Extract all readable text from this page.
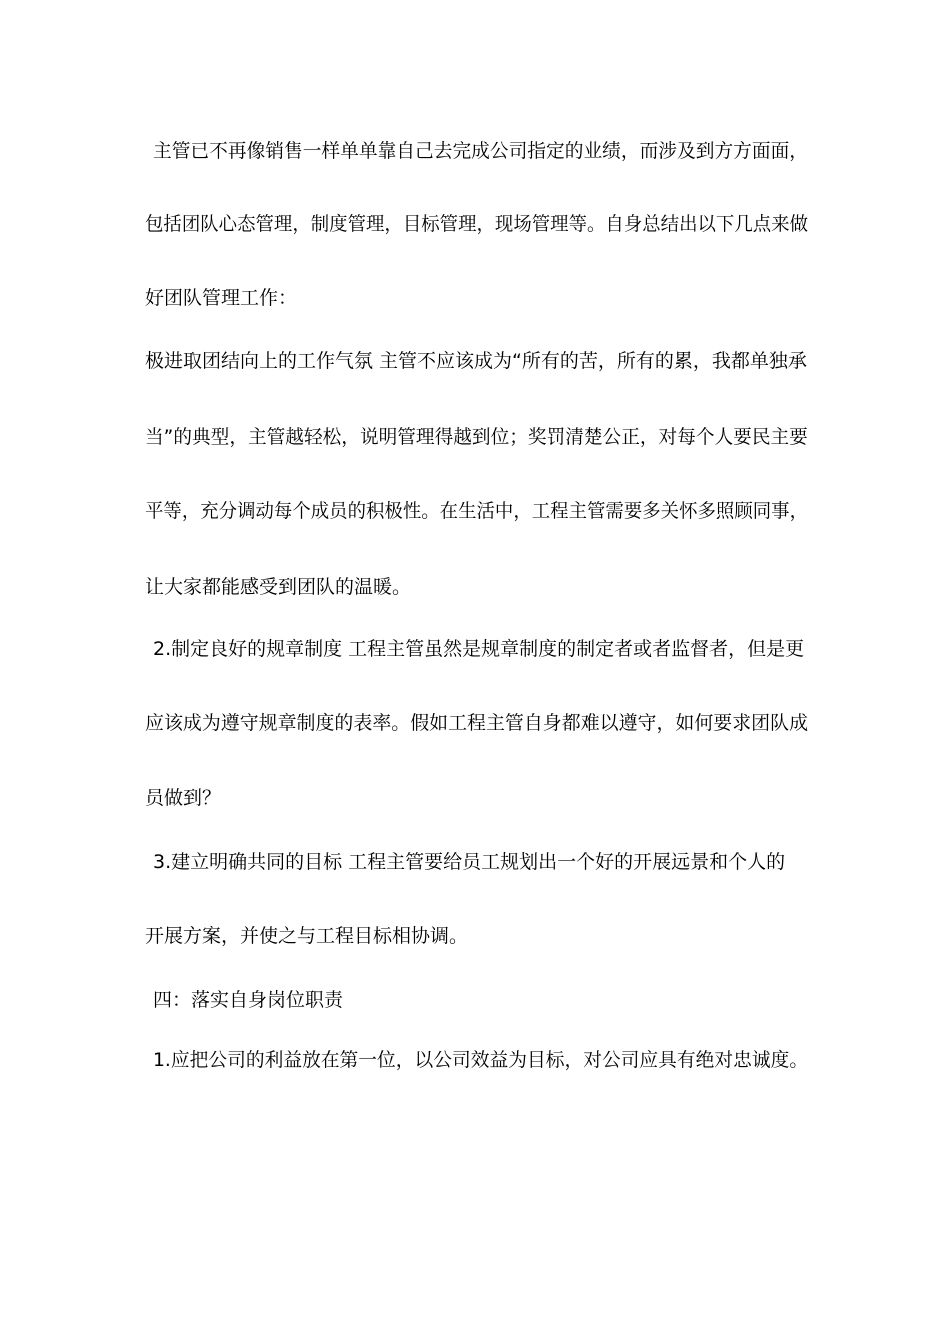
主管已不再像销售一样单单靠自己去完成公司指定的业绩，而涉及到方方面面，
包括团队心态管理，制度管理，目标管理，现场管理等。自身总结出以下几点来做
好团队管理工作：
极进取团结向上的工作气氛 主管不应该成为“所有的苦，所有的累，我都单独承
当”的典型，主管越轻松，说明管理得越到位；奖罚清楚公正，对每个人要民主要
平等，充分调动每个成员的积极性。在生活中，工程主管需要多关怀多照顾同事，
让大家都能感受到团队的温暖。
2.制定良好的规章制度 工程主管虽然是规章制度的制定者或者监督者，但是更
应该成为遵守规章制度的表率。假如工程主管自身都难以遵守，如何要求团队成
员做到？
3.建立明确共同的目标 工程主管要给员工规划出一个好的开展远景和个人的
开展方案，并使之与工程目标相协调。
四：落实自身岗位职责
1.应把公司的利益放在第一位，以公司效益为目标，对公司应具有绝对忠诚度。
